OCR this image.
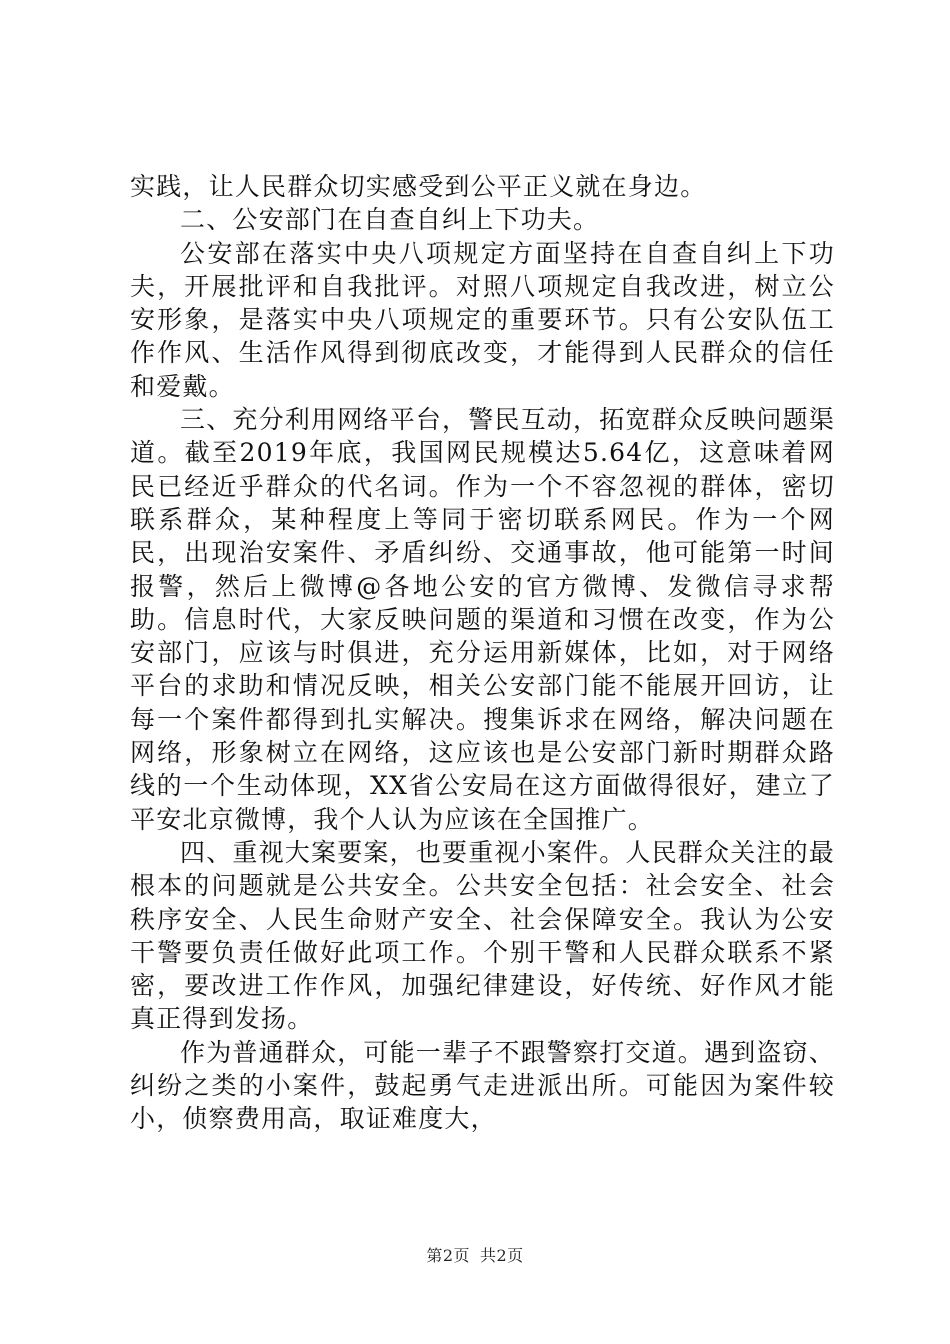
实践，让人民群众切实感受到公平正义就在身边。

二、公安部门在自查自纠上下功夫。

公安部在落实中央八项规定方面坚持在自查自纠上下功夫，开展批评和自我批评。对照八项规定自我改进，树立公安形象，是落实中央八项规定的重要环节。只有公安队伍工作作风、生活作风得到彻底改变，才能得到人民群众的信任和爱戴。

三、充分利用网络平台，警民互动，拓宽群众反映问题渠道。截至2019年底，我国网民规模达5.64亿，这意味着网民已经近乎群众的代名词。作为一个不容忽视的群体，密切联系群众，某种程度上等同于密切联系网民。作为一个网民，出现治安案件、矛盾纠纷、交通事故，他可能第一时间报警，然后上微博@各地公安的官方微博、发微信寻求帮助。信息时代，大家反映问题的渠道和习惯在改变，作为公安部门，应该与时俱进，充分运用新媒体，比如，对于网络平台的求助和情况反映，相关公安部门能不能展开回访，让每一个案件都得到扎实解决。搜集诉求在网络，解决问题在网络，形象树立在网络，这应该也是公安部门新时期群众路线的一个生动体现，XX省公安局在这方面做得很好，建立了平安北京微博，我个人认为应该在全国推广。

四、重视大案要案，也要重视小案件。人民群众关注的最根本的问题就是公共安全。公共安全包括：社会安全、社会秩序安全、人民生命财产安全、社会保障安全。我认为公安干警要负责任做好此项工作。个别干警和人民群众联系不紧密，要改进工作作风，加强纪律建设，好传统、好作风才能真正得到发扬。

作为普通群众，可能一辈子不跟警察打交道。遇到盗窃、纠纷之类的小案件，鼓起勇气走进派出所。可能因为案件较小，侦察费用高，取证难度大，

第2页 共2页
